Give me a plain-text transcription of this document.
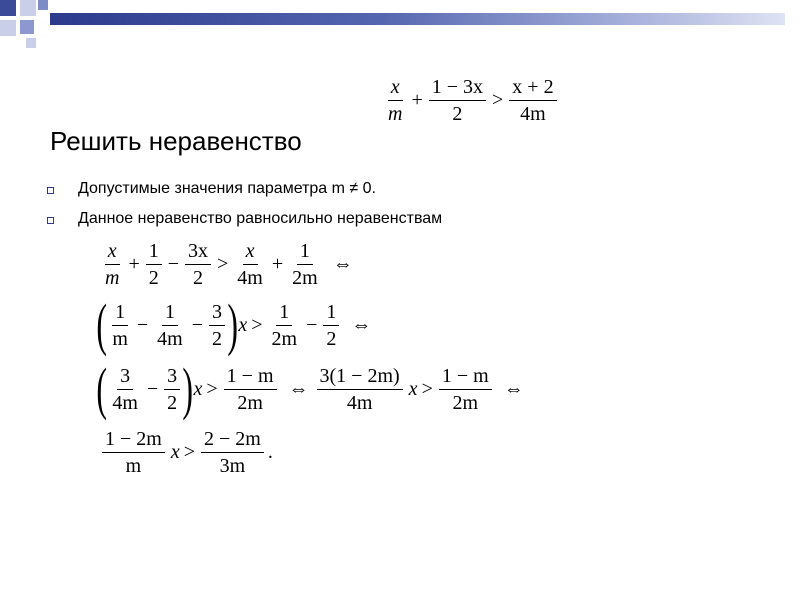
Решить неравенство
$\frac{x}{m} + \frac{1 - 3x}{2} > \frac{x + 2}{4m}$
Допустимые значения параметра m ≠ 0.
Данное неравенство равносильно неравенствам
$\frac{x}{m} + \frac{1}{2} - \frac{3x}{2} > \frac{x}{4m} + \frac{1}{2m}$ ⇔
( $\frac{1}{m} - \frac{1}{4m} - \frac{3}{2}$ ) $x > \frac{1}{2m} - \frac{1}{2}$ ⇔
( $\frac{3}{4m} - \frac{3}{2}$ ) $x > \frac{1 - m}{2m}$ ⇔ $\frac{3(1 - 2m)}{4m}$ $x > \frac{1 - m}{2m}$ ⇔
$\frac{1 - 2m}{m}$ $x > \frac{2 - 2m}{3m}$ .
